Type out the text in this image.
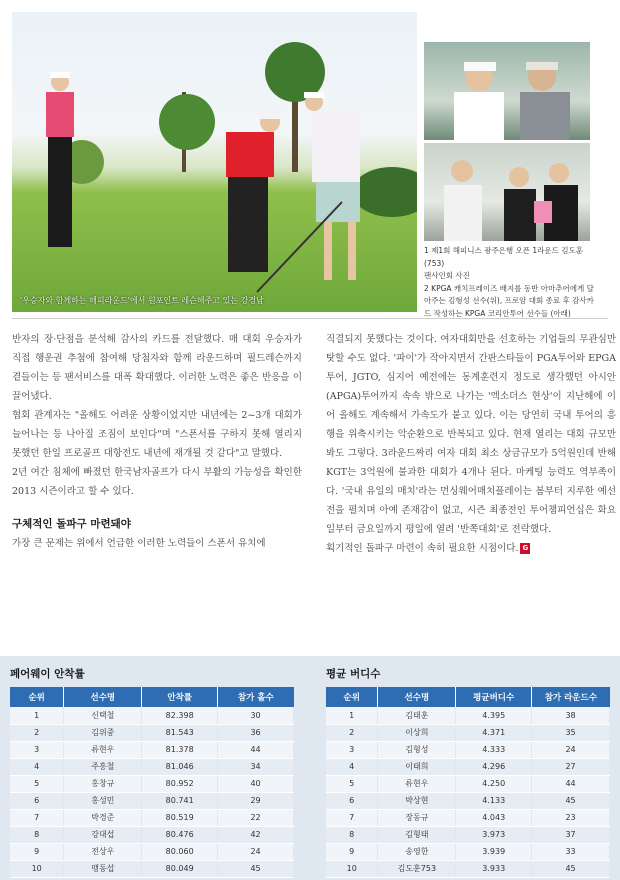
'우승자와 함께하는 해피라운드'에서 원포인트 레슨해주고 있는 강경남
1 제1회 해피니스 광주은행 오픈 1라운드 김도훈(753)
팬사인회 사진
2 KPGA 캐치프레이즈 배지를 동반 아마추어에게 달
아주는 김형성 선수(위), 프로암 대회 종료 후 감사카
드 작성하는 KPGA 코리안투어 선수들 (아래)

반자의 장·단점을 분석해 감사의 카드를 전달했다. 매 대회 우승자가 직접 행운권 추첨에 참여해 당첨자와 함께 라운드하며 필드레슨까지 곁들이는 등 팬서비스를 대폭 확대했다. 이러한 노력은 좋은 반응을 이끌어냈다.

협회 관계자는 "올해도 어려운 상황이었지만 내년에는 2~3개 대회가 늘어나는 등 나아질 조짐이 보인다"며 "스폰서를 구하지 못해 열리지 못했던 한일 프로골프 대항전도 내년에 재개될 것 같다"고 말했다.

2년 여간 침체에 빠졌던 한국남자골프가 다시 부활의 가능성을 확인한 2013 시즌이라고 할 수 있다.

구체적인 돌파구 마련돼야

가장 큰 문제는 위에서 언급한 이러한 노력들이 스폰서 유치에

직결되지 못했다는 것이다. 여자대회만을 선호하는 기업들의 무관심만 탓할 수도 없다. '파이'가 작아지면서 간판스타들이 PGA투어와 EPGA투어, JGTO, 심지어 예전에는 동계훈련지 정도로 생각했던 아시안(APGA)투어까지 속속 밖으로 나가는 '엑소더스 현상'이 지난해에 이어 올해도 계속해서 가속도가 붙고 있다. 이는 당연히 국내 투어의 흥행을 위축시키는 악순환으로 반복되고 있다. 현재 열리는 대회 규모만 봐도 그렇다. 3라운드짜리 여자 대회 최소 상금규모가 5억원인데 반해 KGT는 3억원에 불과한 대회가 4개나 된다. 마케팅 능력도 역부족이다. '국내 유일의 매치'라는 먼싱웨어매치플레이는 봄부터 지루한 예선전을 펼치며 아예 존재감이 없고, 시즌 최종전인 투어챔피언십은 화요일부터 금요일까지 평일에 열려 '반쪽대회'로 전락했다.

획기적인 돌파구 마련이 속히 필요한 시점이다. G

페어웨이 안착률
순위	선수명	안착률	참가 홀수
1	신택철	82.398	30
2	김위중	81.543	36
3	류현우	81.378	44
4	주흥철	81.046	34
5	홍창규	80.952	40
6	홍성민	80.741	29
7	박경준	80.519	22
8	강대섭	80.476	42
9	전상우	80.060	24
10	맹동섭	80.049	45
평균 버디수
순위	선수명	평균버디수	참가 라운드수
1	김태훈	4.395	38
2	이상희	4.371	35
3	김형성	4.333	24
4	이태희	4.296	27
5	류현우	4.250	44
6	박상현	4.133	45
7	장동규	4.043	23
8	김형태	3.973	37
9	송영한	3.939	33
10	김도훈753	3.933	45
